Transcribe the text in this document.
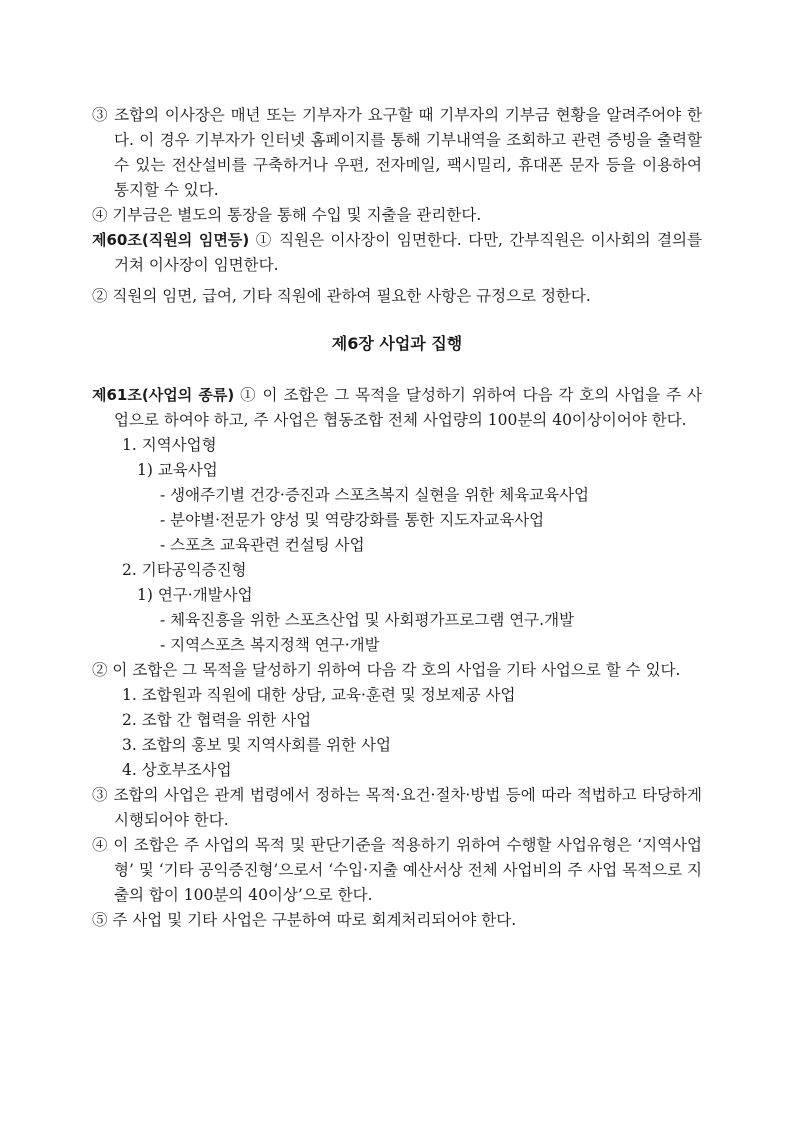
③ 조합의 이사장은 매년 또는 기부자가 요구할 때 기부자의 기부금 현황을 알려주어야 한다. 이 경우 기부자가 인터넷 홈페이지를 통해 기부내역을 조회하고 관련 증빙을 출력할 수 있는 전산설비를 구축하거나 우편, 전자메일, 팩시밀리, 휴대폰 문자 등을 이용하여 통지할 수 있다.

④ 기부금은 별도의 통장을 통해 수입 및 지출을 관리한다.

제60조(직원의 임면등) ① 직원은 이사장이 임면한다. 다만, 간부직원은 이사회의 결의를 거쳐 이사장이 임면한다.

② 직원의 임면, 급여, 기타 직원에 관하여 필요한 사항은 규정으로 정한다.

제6장 사업과 집행

제61조(사업의 종류) ① 이 조합은 그 목적을 달성하기 위하여 다음 각 호의 사업을 주 사업으로 하여야 하고, 주 사업은 협동조합 전체 사업량의 100분의 40이상이어야 한다.

1. 지역사업형

1) 교육사업

- 생애주기별 건강·증진과 스포츠복지 실현을 위한 체육교육사업

- 분야별·전문가 양성 및 역량강화를 통한 지도자교육사업

- 스포츠 교육관련 컨설팅 사업

2. 기타공익증진형

1) 연구·개발사업

- 체육진흥을 위한 스포츠산업 및 사회평가프로그램 연구.개발

- 지역스포츠 복지정책 연구·개발

② 이 조합은 그 목적을 달성하기 위하여 다음 각 호의 사업을 기타 사업으로 할 수 있다.

1. 조합원과 직원에 대한 상담, 교육·훈련 및 정보제공 사업

2. 조합 간 협력을 위한 사업

3. 조합의 홍보 및 지역사회를 위한 사업

4. 상호부조사업

③ 조합의 사업은 관계 법령에서 정하는 목적·요건·절차·방법 등에 따라 적법하고 타당하게 시행되어야 한다.

④ 이 조합은 주 사업의 목적 및 판단기준을 적용하기 위하여 수행할 사업유형은 ‘지역사업형’ 및 ‘기타 공익증진형’으로서 ‘수입·지출 예산서상 전체 사업비의 주 사업 목적으로 지출의 합이 100분의 40이상’으로 한다.

⑤ 주 사업 및 기타 사업은 구분하여 따로 회계처리되어야 한다.
